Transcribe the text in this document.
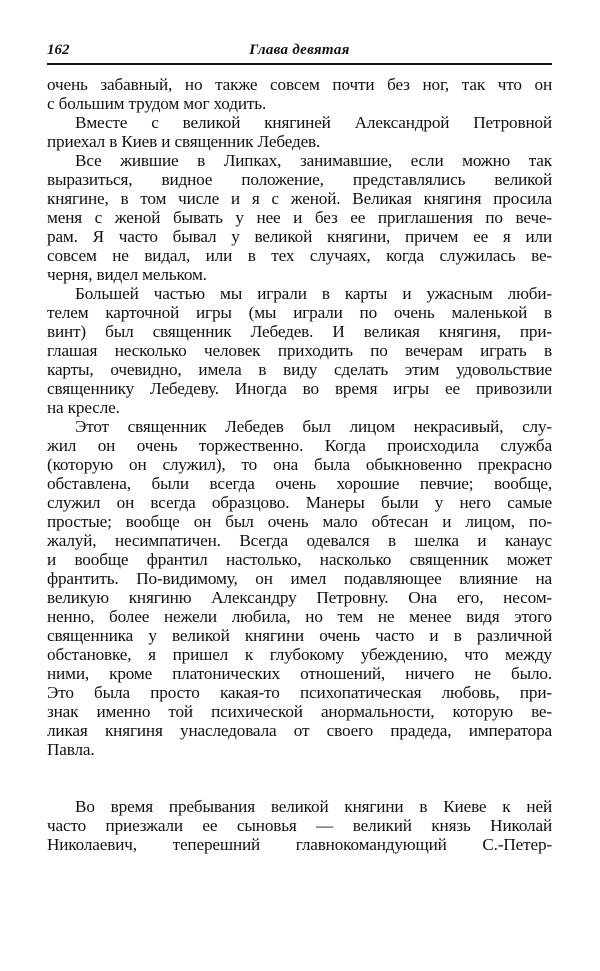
162	Глава девятая
очень забавный, но также совсем почти без ног, так что он
с большим трудом мог ходить.
Вместе с великой княгиней Александрой Петровной
приехал в Киев и священник Лебедев.
Все жившие в Липках, занимавшие, если можно так
выразиться, видное положение, представлялись великой
княгине, в том числе и я с женой. Великая княгиня просила
меня с женой бывать у нее и без ее приглашения по вече-
рам. Я часто бывал у великой княгини, причем ее я или
совсем не видал, или в тех случаях, когда служилась ве-
черня, видел мельком.
Большей частью мы играли в карты и ужасным люби-
телем карточной игры (мы играли по очень маленькой в
винт) был священник Лебедев. И великая княгиня, при-
глашая несколько человек приходить по вечерам играть в
карты, очевидно, имела в виду сделать этим удовольствие
священнику Лебедеву. Иногда во время игры ее привозили
на кресле.
Этот священник Лебедев был лицом некрасивый, слу-
жил он очень торжественно. Когда происходила служба
(которую он служил), то она была обыкновенно прекрасно
обставлена, были всегда очень хорошие певчие; вообще,
служил он всегда образцово. Манеры были у него самые
простые; вообще он был очень мало обтесан и лицом, по-
жалуй, несимпатичен. Всегда одевался в шелка и канаус
и вообще франтил настолько, насколько священник может
франтить. По-видимому, он имел подавляющее влияние на
великую княгиню Александру Петровну. Она его, несом-
ненно, более нежели любила, но тем не менее видя этого
священника у великой княгини очень часто и в различной
обстановке, я пришел к глубокому убеждению, что между
ними, кроме платонических отношений, ничего не было.
Это была просто какая-то психопатическая любовь, при-
знак именно той психической анормальности, которую ве-
ликая княгиня унаследовала от своего прадеда, императора
Павла.
Во время пребывания великой княгини в Киеве к ней
часто приезжали ее сыновья — великий князь Николай
Николаевич, теперешний главнокомандующий С.-Петер-
